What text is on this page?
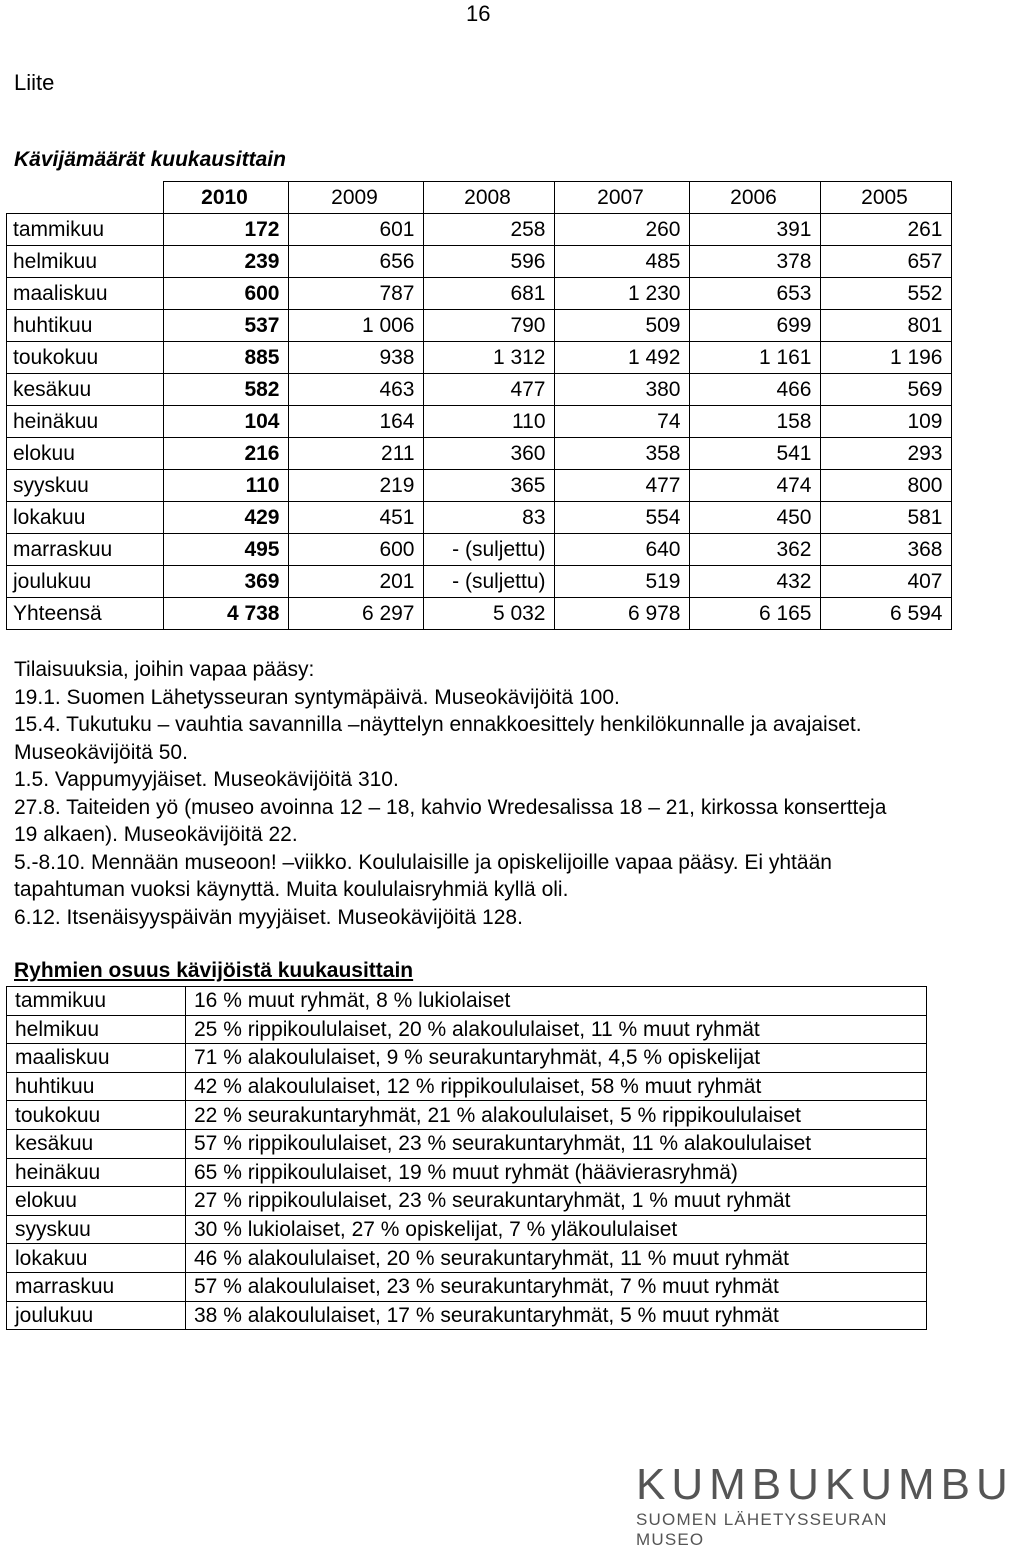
16
Liite
Kävijämäärät kuukausittain
	2010	2009	2008	2007	2006	2005
tammikuu	172	601	258	260	391	261
helmikuu	239	656	596	485	378	657
maaliskuu	600	787	681	1 230	653	552
huhtikuu	537	1 006	790	509	699	801
toukokuu	885	938	1 312	1 492	1 161	1 196
kesäkuu	582	463	477	380	466	569
heinäkuu	104	164	110	74	158	109
elokuu	216	211	360	358	541	293
syyskuu	110	219	365	477	474	800
lokakuu	429	451	83	554	450	581
marraskuu	495	600	- (suljettu)	640	362	368
joulukuu	369	201	- (suljettu)	519	432	407
Yhteensä	4 738	6 297	5 032	6 978	6 165	6 594

Tilaisuuksia, joihin vapaa pääsy:

19.1. Suomen Lähetysseuran syntymäpäivä. Museokävijöitä 100.

15.4. Tukutuku – vauhtia savannilla –näyttelyn ennakkoesittely henkilökunnalle ja avajaiset. Museokävijöitä 50.

1.5. Vappumyyjäiset. Museokävijöitä 310.

27.8. Taiteiden yö (museo avoinna 12 – 18, kahvio Wredesalissa 18 – 21, kirkossa konsertteja 19 alkaen). Museokävijöitä 22.

5.-8.10. Mennään museoon! –viikko. Koululaisille ja opiskelijoille vapaa pääsy. Ei yhtään tapahtuman vuoksi käynyttä. Muita koululaisryhmiä kyllä oli.

6.12. Itsenäisyyspäivän myyjäiset. Museokävijöitä 128.

Ryhmien osuus kävijöistä kuukausittain
tammikuu	16 % muut ryhmät, 8 % lukiolaiset
helmikuu	25 % rippikoululaiset, 20 % alakoululaiset, 11 % muut ryhmät
maaliskuu	71 % alakoululaiset, 9 % seurakuntaryhmät, 4,5 % opiskelijat
huhtikuu	42 % alakoululaiset, 12 % rippikoululaiset, 58 % muut ryhmät
toukokuu	22 % seurakuntaryhmät, 21 % alakoululaiset, 5 % rippikoululaiset
kesäkuu	57 % rippikoululaiset, 23 % seurakuntaryhmät, 11 % alakoululaiset
heinäkuu	65 % rippikoululaiset, 19 % muut ryhmät (häävierasryhmä)
elokuu	27 % rippikoululaiset, 23 % seurakuntaryhmät, 1 % muut ryhmät
syyskuu	30 % lukiolaiset, 27 % opiskelijat, 7 % yläkoululaiset
lokakuu	46 % alakoululaiset, 20 % seurakuntaryhmät, 11 % muut ryhmät
marraskuu	57 % alakoululaiset, 23 % seurakuntaryhmät, 7 % muut ryhmät
joulukuu	38 % alakoululaiset, 17 % seurakuntaryhmät, 5 % muut ryhmät
KUMBUKUMBU
SUOMEN LÄHETYSSEURAN MUSEO
